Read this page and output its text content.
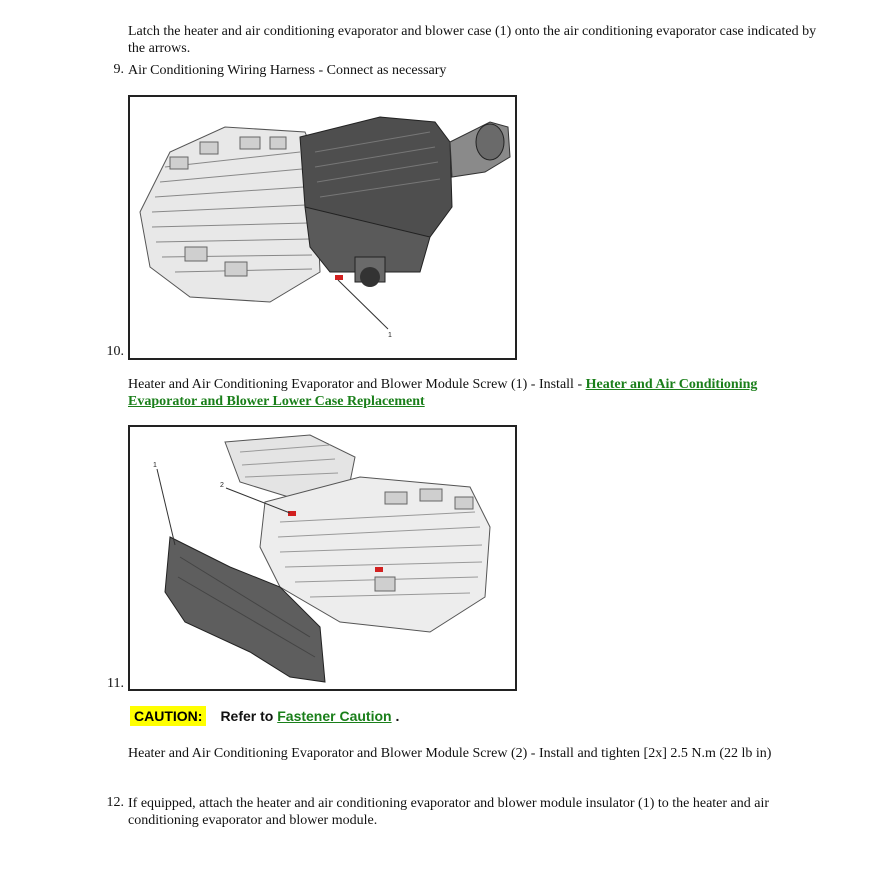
Latch the heater and air conditioning evaporator and blower case (1) onto the air conditioning evaporator case indicated by the arrows.
9. Air Conditioning Wiring Harness - Connect as necessary
1
10.
Heater and Air Conditioning Evaporator and Blower Module Screw (1) - Install - Heater and Air Conditioning Evaporator and Blower Lower Case Replacement
1
2
11.
CAUTION: Refer to Fastener Caution .
Heater and Air Conditioning Evaporator and Blower Module Screw (2) - Install and tighten [2x] 2.5 N.m (22 lb in)
12. If equipped, attach the heater and air conditioning evaporator and blower module insulator (1) to the heater and air conditioning evaporator and blower module.
